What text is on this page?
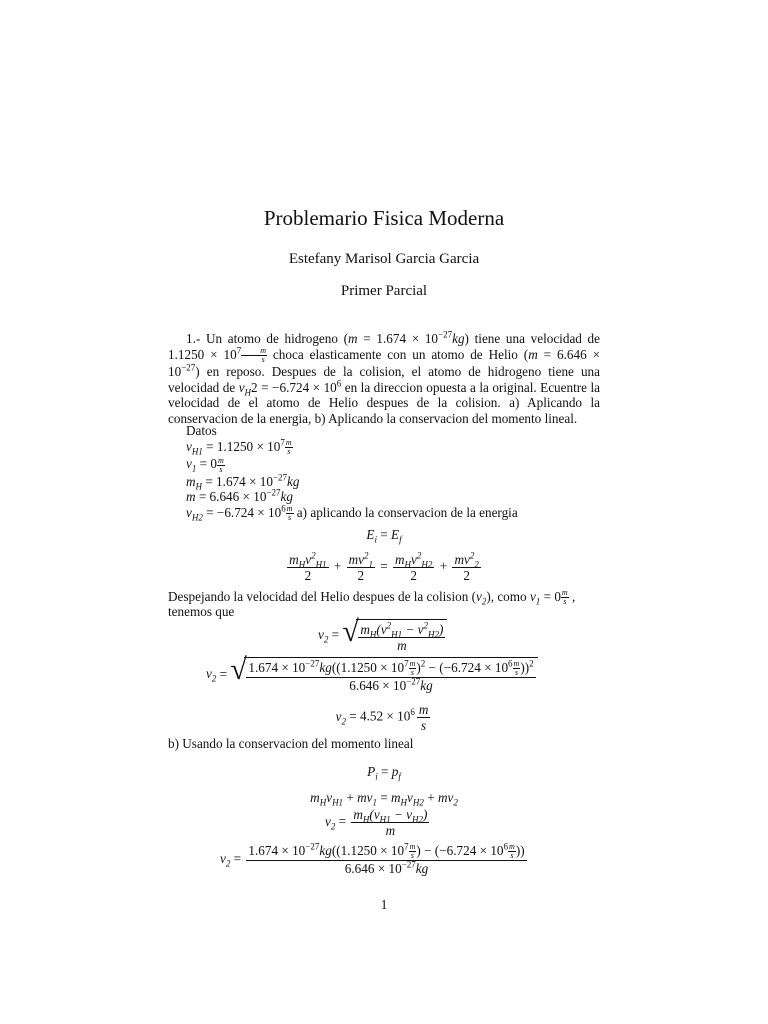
Problemario Fisica Moderna
Estefany Marisol Garcia Garcia
Primer Parcial
1.- Un atomo de hidrogeno $(m = 1.674 \times 10^{-27}kg)$ tiene una velocidad de $1.1250 \times 10^7 \frac{m}{s}$ choca elasticamente con un atomo de Helio $(m = 6.646 \times 10^{-27})$ en reposo. Despues de la colision, el atomo de hidrogeno tiene una velocidad de $v_H2 = -6.724 \times 10^6$ en la direccion opuesta a la original. Ecuentre la velocidad de el atomo de Helio despues de la colision. a) Aplicando la conservacion de la energia, b) Aplicando la conservacion del momento lineal.
Datos
$v_{H1} = 1.1250 \times 10^7 \frac{m}{s}$
$v_1 = 0 \frac{m}{s}$
$m_H = 1.674 \times 10^{-27}kg$
$m = 6.646 \times 10^{-27}kg$
$v_{H2} = -6.724 \times 10^6 \frac{m}{s} a$) aplicando la conservacion de la energia
$E_i = E_f$
$\frac{m_Hv^2_{H1}}{2} + \frac{mv^2_1}{2} = \frac{m_Hv^2_{H2}}{2} + \frac{mv^2_2}{2}$
Despejando la velocidad del Helio despues de la colision $(v_2)$, como $v_1 = 0 \frac{m}{s}$ ,
tenemos que
$v_2$ = √ $\frac{m_H(v^2_{H1} - v^2_{H2})}{m}$
$v_2$ = √ $\frac{1.674 \times 10^{-27}kg((1.1250 \times 10^7 \frac{m}{s} )^2 - (-6.724 \times 10^6 \frac{m}{s} ))^2}{6.646 \times 10^{-27}kg}$
$v_2 = 4.52 \times 10^6 \frac{m}{s}$
b) Usando la conservacion del momento lineal
$P_i = p_f$
$m_Hv_{H1} + mv_1 = m_Hv_{H2} + mv_2$
$v_2 = \frac{m_H(v_{H1} - v_{H2})}{m}$
$v_2 = \frac{1.674 \times 10^{-27}kg((1.1250 \times 10^7 \frac{m}{s} ) - (-6.724 \times 10^6 \frac{m}{s} ))}{6.646 \times 10^{-27}kg}$
1
